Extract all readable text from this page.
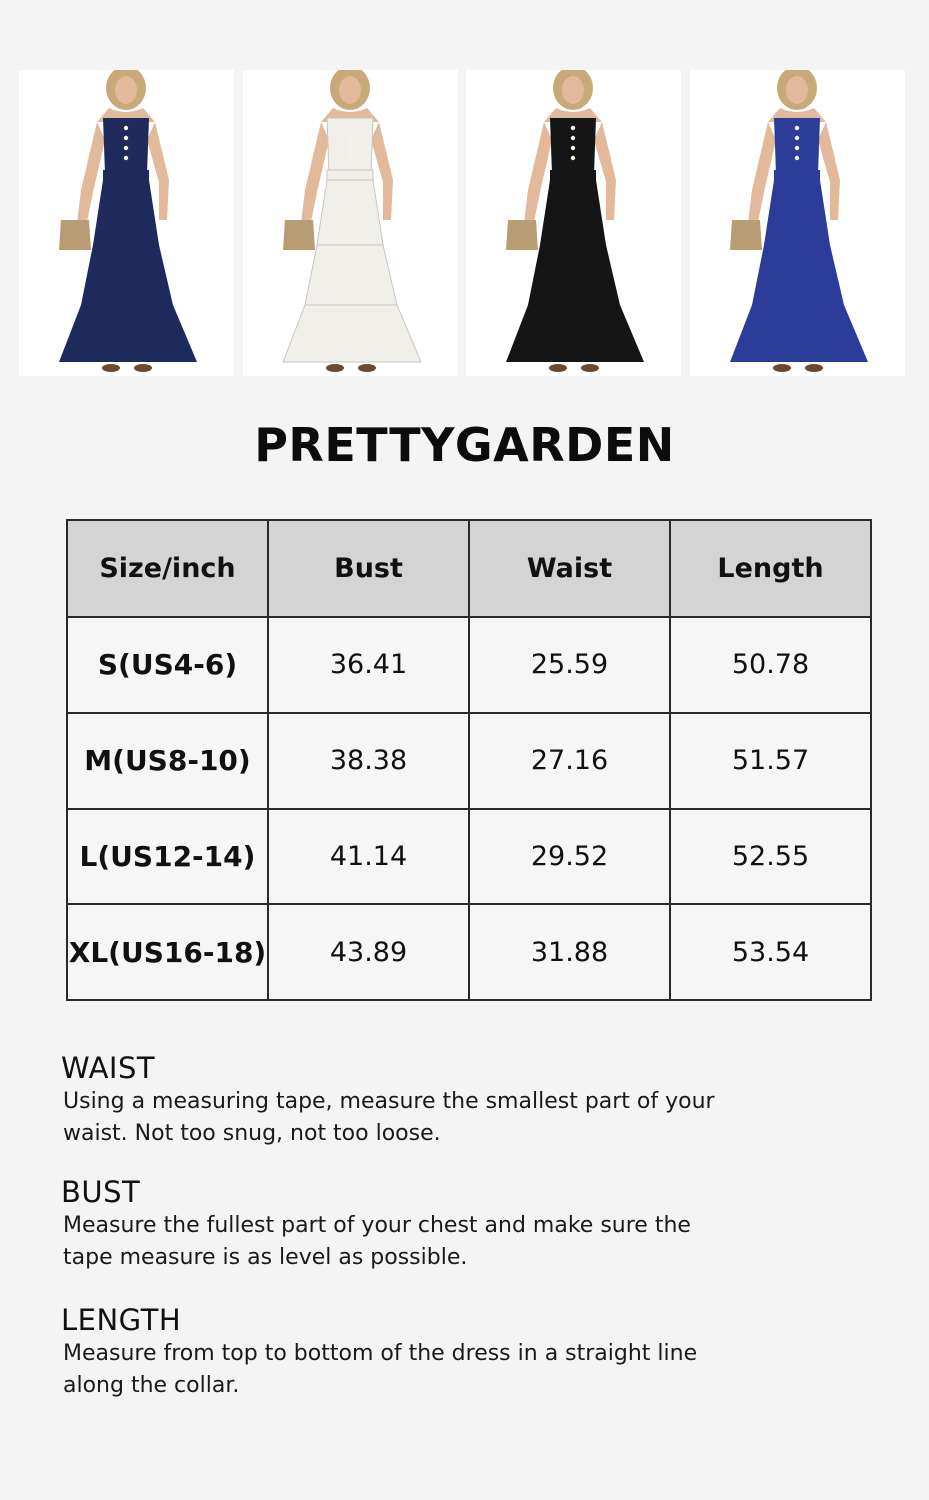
PRETTYGARDEN
Size/inch	Bust	Waist	Length
S(US4-6)	36.41	25.59	50.78
M(US8-10)	38.38	27.16	51.57
L(US12-14)	41.14	29.52	52.55
XL(US16-18)	43.89	31.88	53.54
WAIST

Using a measuring tape, measure the smallest part of your waist. Not too snug, not too loose.

BUST

Measure the fullest part of your chest and make sure the tape measure is as level as possible.

LENGTH

Measure from top to bottom of the dress in a straight line along the collar.
